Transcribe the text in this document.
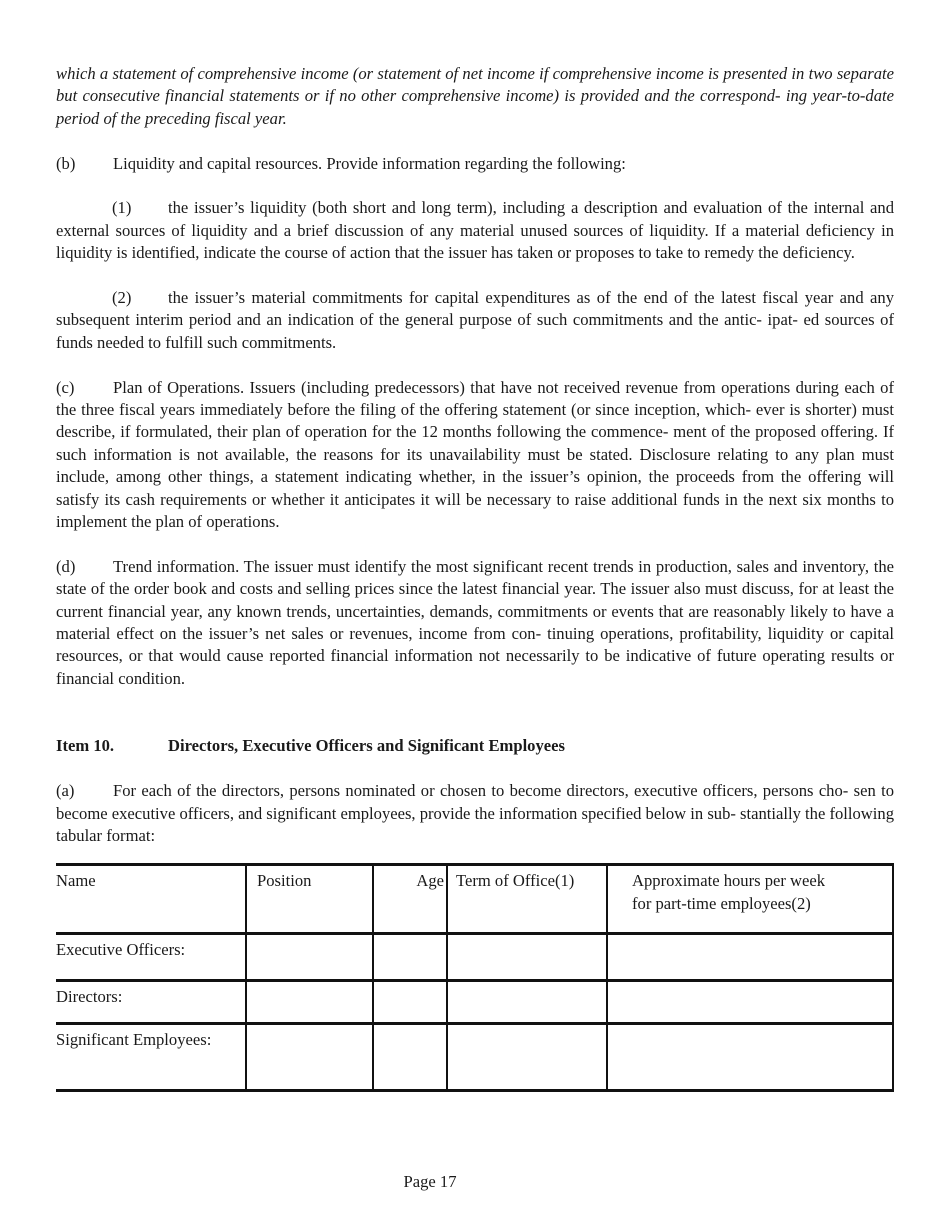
which a statement of comprehensive income (or statement of net income if comprehensive income is presented in two separate but consecutive financial statements or if no other comprehensive income) is provided and the correspond- ing year-to-date period of the preceding fiscal year.

(b) Liquidity and capital resources. Provide information regarding the following:

(1) the issuer’s liquidity (both short and long term), including a description and evaluation of the internal and external sources of liquidity and a brief discussion of any material unused sources of liquidity. If a material deficiency in liquidity is identified, indicate the course of action that the issuer has taken or proposes to take to remedy the deficiency.

(2) the issuer’s material commitments for capital expenditures as of the end of the latest fiscal year and any subsequent interim period and an indication of the general purpose of such commitments and the antic- ipat- ed sources of funds needed to fulfill such commitments.

(c) Plan of Operations. Issuers (including predecessors) that have not received revenue from operations during each of the three fiscal years immediately before the filing of the offering statement (or since inception, which- ever is shorter) must describe, if formulated, their plan of operation for the 12 months following the commence- ment of the proposed offering. If such information is not available, the reasons for its unavailability must be stated. Disclosure relating to any plan must include, among other things, a statement indicating whether, in the issuer’s opinion, the proceeds from the offering will satisfy its cash requirements or whether it anticipates it will be necessary to raise additional funds in the next six months to implement the plan of operations.

(d) Trend information. The issuer must identify the most significant recent trends in production, sales and inventory, the state of the order book and costs and selling prices since the latest financial year. The issuer also must discuss, for at least the current financial year, any known trends, uncertainties, demands, commitments or events that are reasonably likely to have a material effect on the issuer’s net sales or revenues, income from con- tinuing operations, profitability, liquidity or capital resources, or that would cause reported financial information not necessarily to be indicative of future operating results or financial condition.

Item 10.	Directors, Executive Officers and Significant Employees

(a) For each of the directors, persons nominated or chosen to become directors, executive officers, persons cho- sen to become executive officers, and significant employees, provide the information specified below in sub- stantially the following tabular format:

Name	Position	Age	Term of Office(1)	Approximate hours per week for part-time employees(2)

Executive Officers:				
Directors:				
Significant Employees:				
Page 17
